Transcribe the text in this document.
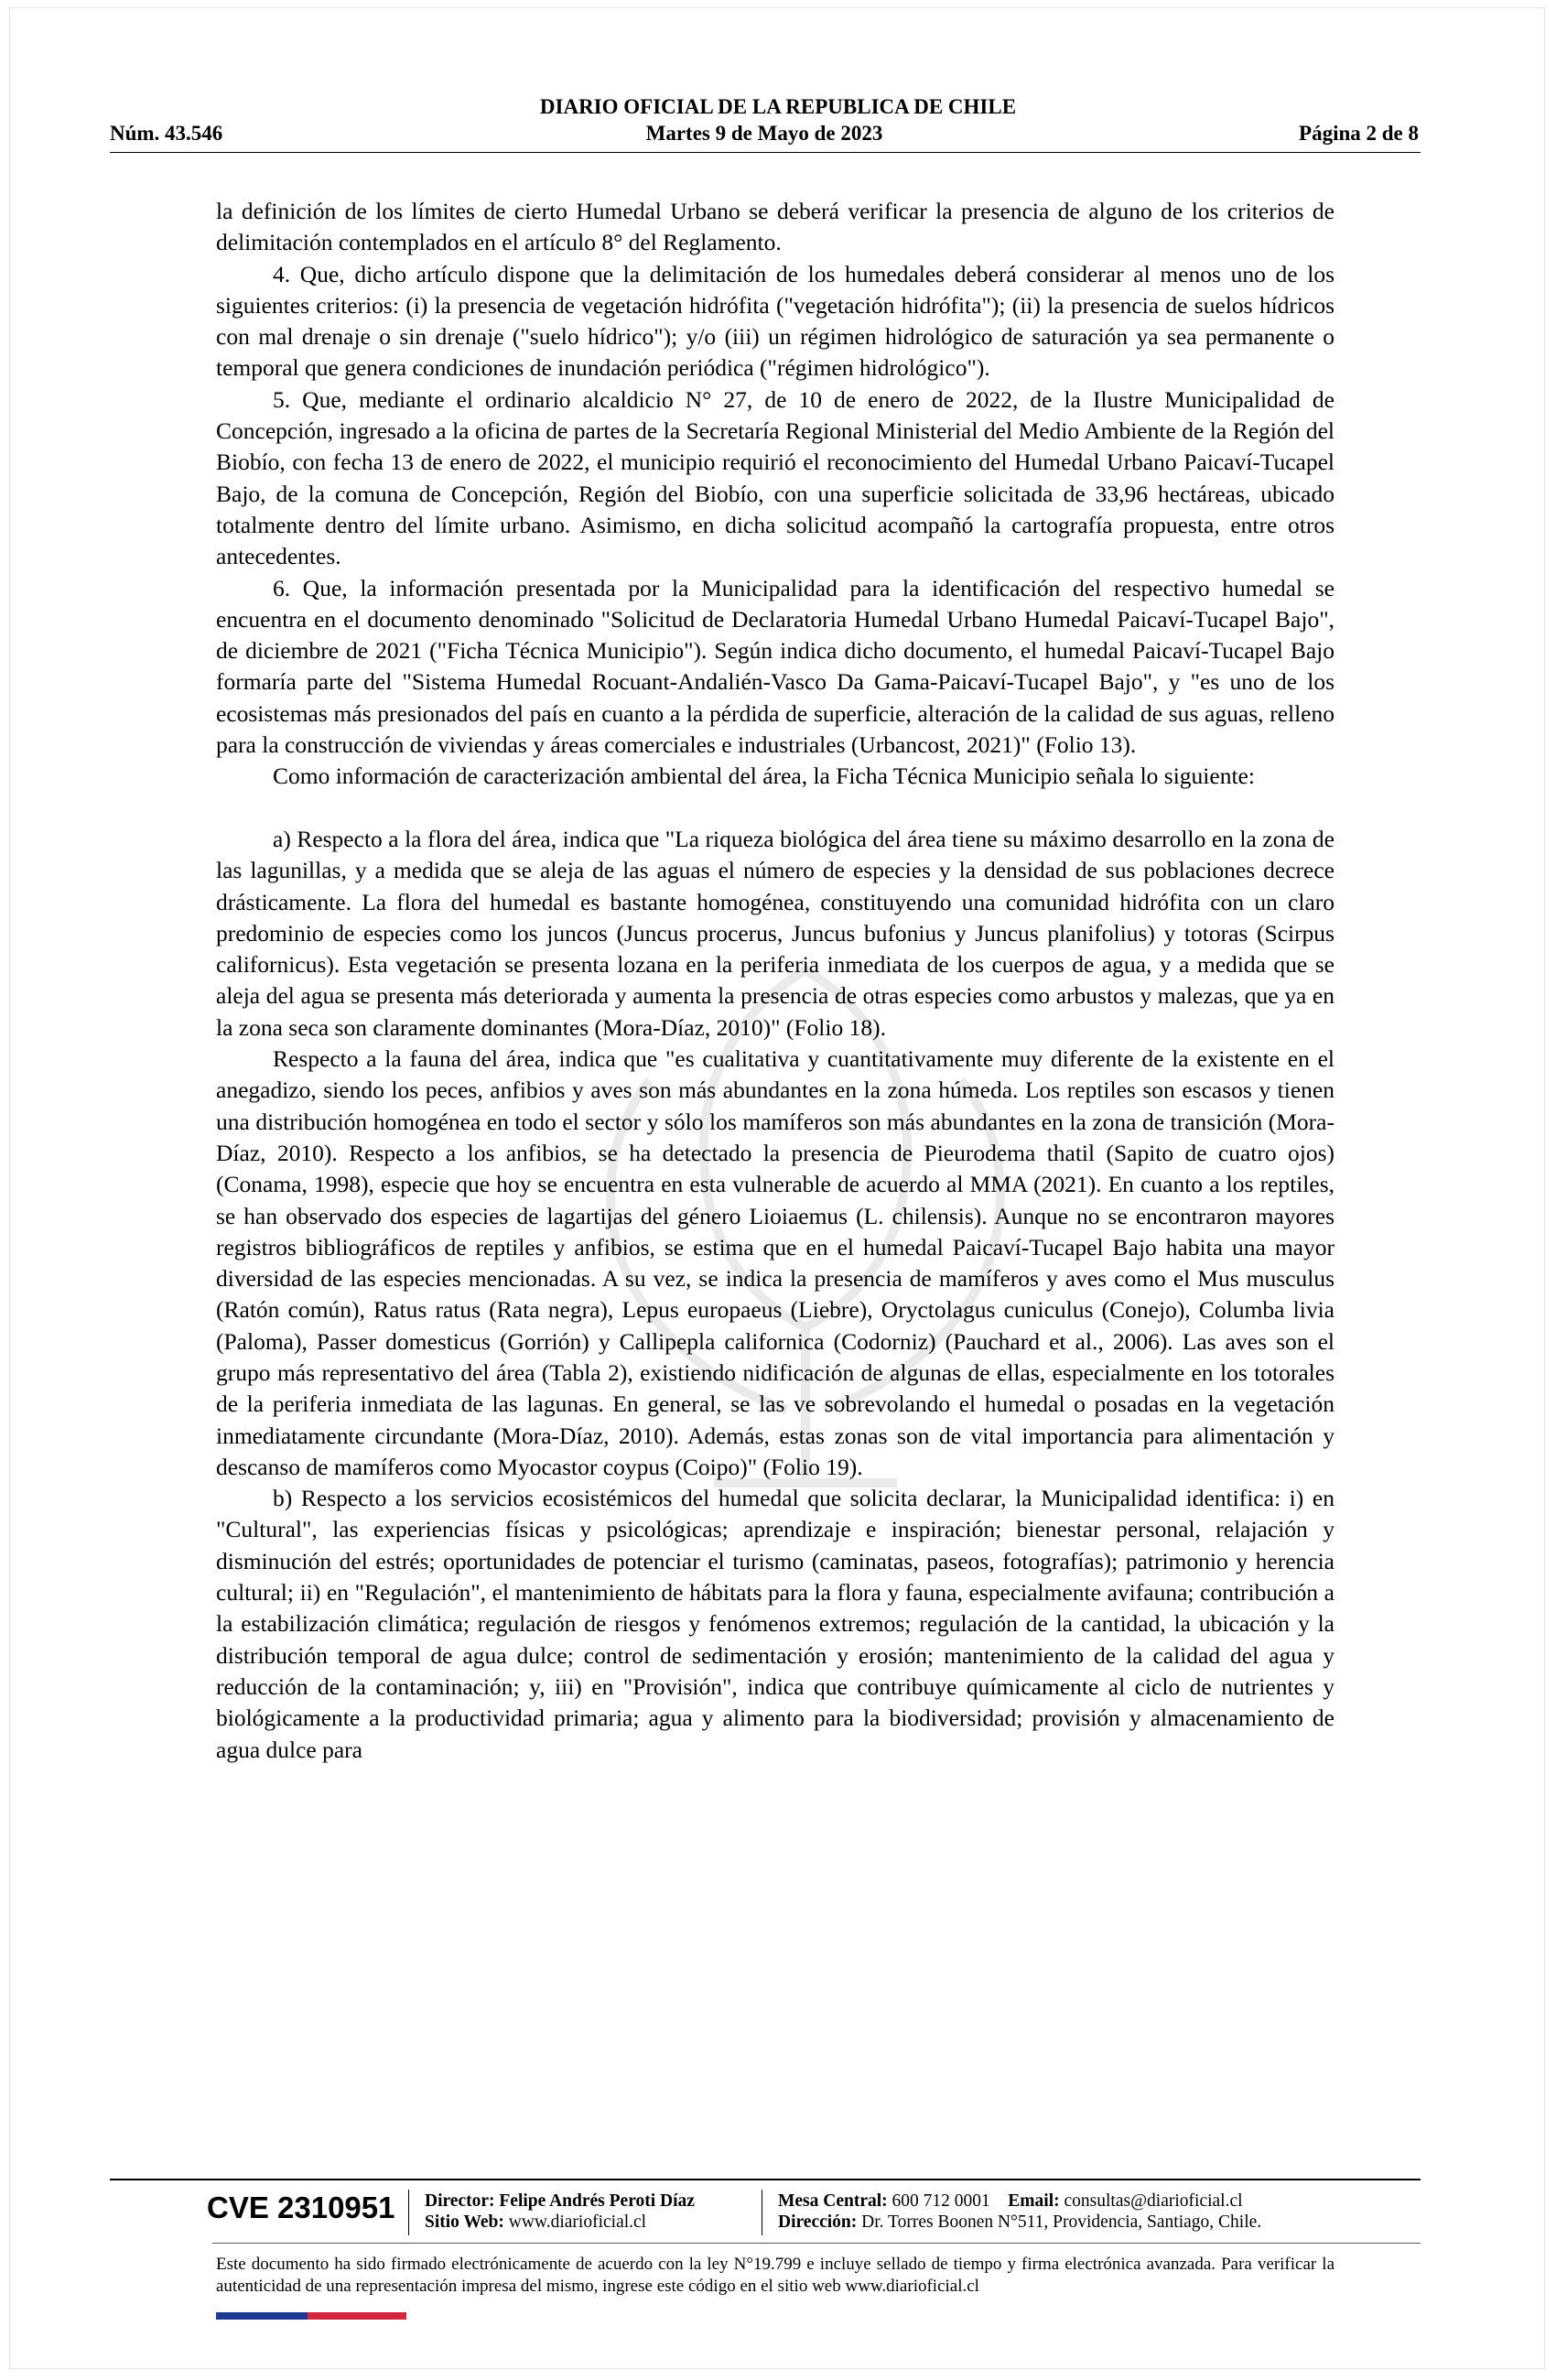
DIARIO OFICIAL DE LA REPUBLICA DE CHILE
Núm. 43.546	Martes 9 de Mayo de 2023	Página 2 de 8

la definición de los límites de cierto Humedal Urbano se deberá verificar la presencia de alguno de los criterios de delimitación contemplados en el artículo 8° del Reglamento.

4. Que, dicho artículo dispone que la delimitación de los humedales deberá considerar al menos uno de los siguientes criterios: (i) la presencia de vegetación hidrófita ("vegetación hidrófita"); (ii) la presencia de suelos hídricos con mal drenaje o sin drenaje ("suelo hídrico"); y/o (iii) un régimen hidrológico de saturación ya sea permanente o temporal que genera condiciones de inundación periódica ("régimen hidrológico").

5. Que, mediante el ordinario alcaldicio N° 27, de 10 de enero de 2022, de la Ilustre Municipalidad de Concepción, ingresado a la oficina de partes de la Secretaría Regional Ministerial del Medio Ambiente de la Región del Biobío, con fecha 13 de enero de 2022, el municipio requirió el reconocimiento del Humedal Urbano Paicaví-Tucapel Bajo, de la comuna de Concepción, Región del Biobío, con una superficie solicitada de 33,96 hectáreas, ubicado totalmente dentro del límite urbano. Asimismo, en dicha solicitud acompañó la cartografía propuesta, entre otros antecedentes.

6. Que, la información presentada por la Municipalidad para la identificación del respectivo humedal se encuentra en el documento denominado "Solicitud de Declaratoria Humedal Urbano Humedal Paicaví-Tucapel Bajo", de diciembre de 2021 ("Ficha Técnica Municipio"). Según indica dicho documento, el humedal Paicaví-Tucapel Bajo formaría parte del "Sistema Humedal Rocuant-Andalién-Vasco Da Gama-Paicaví-Tucapel Bajo", y "es uno de los ecosistemas más presionados del país en cuanto a la pérdida de superficie, alteración de la calidad de sus aguas, relleno para la construcción de viviendas y áreas comerciales e industriales (Urbancost, 2021)" (Folio 13).

Como información de caracterización ambiental del área, la Ficha Técnica Municipio señala lo siguiente:

a) Respecto a la flora del área, indica que "La riqueza biológica del área tiene su máximo desarrollo en la zona de las lagunillas, y a medida que se aleja de las aguas el número de especies y la densidad de sus poblaciones decrece drásticamente. La flora del humedal es bastante homogénea, constituyendo una comunidad hidrófita con un claro predominio de especies como los juncos (Juncus procerus, Juncus bufonius y Juncus planifolius) y totoras (Scirpus californicus). Esta vegetación se presenta lozana en la periferia inmediata de los cuerpos de agua, y a medida que se aleja del agua se presenta más deteriorada y aumenta la presencia de otras especies como arbustos y malezas, que ya en la zona seca son claramente dominantes (Mora-Díaz, 2010)" (Folio 18).

Respecto a la fauna del área, indica que "es cualitativa y cuantitativamente muy diferente de la existente en el anegadizo, siendo los peces, anfibios y aves son más abundantes en la zona húmeda. Los reptiles son escasos y tienen una distribución homogénea en todo el sector y sólo los mamíferos son más abundantes en la zona de transición (Mora-Díaz, 2010). Respecto a los anfibios, se ha detectado la presencia de Pieurodema thatil (Sapito de cuatro ojos) (Conama, 1998), especie que hoy se encuentra en esta vulnerable de acuerdo al MMA (2021). En cuanto a los reptiles, se han observado dos especies de lagartijas del género Lioiaemus (L. chilensis). Aunque no se encontraron mayores registros bibliográficos de reptiles y anfibios, se estima que en el humedal Paicaví-Tucapel Bajo habita una mayor diversidad de las especies mencionadas. A su vez, se indica la presencia de mamíferos y aves como el Mus musculus (Ratón común), Ratus ratus (Rata negra), Lepus europaeus (Liebre), Oryctolagus cuniculus (Conejo), Columba livia (Paloma), Passer domesticus (Gorrión) y Callipepla californica (Codorniz) (Pauchard et al., 2006). Las aves son el grupo más representativo del área (Tabla 2), existiendo nidificación de algunas de ellas, especialmente en los totorales de la periferia inmediata de las lagunas. En general, se las ve sobrevolando el humedal o posadas en la vegetación inmediatamente circundante (Mora-Díaz, 2010). Además, estas zonas son de vital importancia para alimentación y descanso de mamíferos como Myocastor coypus (Coipo)" (Folio 19).

b) Respecto a los servicios ecosistémicos del humedal que solicita declarar, la Municipalidad identifica: i) en "Cultural", las experiencias físicas y psicológicas; aprendizaje e inspiración; bienestar personal, relajación y disminución del estrés; oportunidades de potenciar el turismo (caminatas, paseos, fotografías); patrimonio y herencia cultural; ii) en "Regulación", el mantenimiento de hábitats para la flora y fauna, especialmente avifauna; contribución a la estabilización climática; regulación de riesgos y fenómenos extremos; regulación de la cantidad, la ubicación y la distribución temporal de agua dulce; control de sedimentación y erosión; mantenimiento de la calidad del agua y reducción de la contaminación; y, iii) en "Provisión", indica que contribuye químicamente al ciclo de nutrientes y biológicamente a la productividad primaria; agua y alimento para la biodiversidad; provisión y almacenamiento de agua dulce para

CVE 2310951 Director: Felipe Andrés Peroti Díaz
Sitio Web: www.diarioficial.cl
Mesa Central: 600 712 0001 Email: consultas@diarioficial.cl
Dirección: Dr. Torres Boonen N°511, Providencia, Santiago, Chile.
Este documento ha sido firmado electrónicamente de acuerdo con la ley N°19.799 e incluye sellado de tiempo y firma electrónica avanzada. Para verificar la autenticidad de una representación impresa del mismo, ingrese este código en el sitio web www.diarioficial.cl
